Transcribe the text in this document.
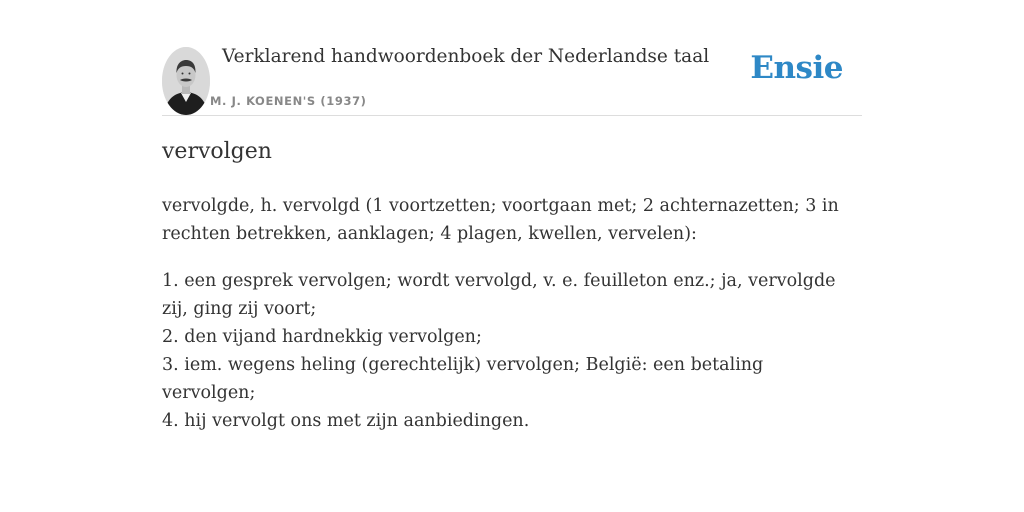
Verklarend handwoordenboek der Nederlandse taal
M. J. KOENEN'S (1937)
Ensie
vervolgen
vervolgde, h. vervolgd (1 voortzetten; voortgaan met; 2 achternazetten; 3 in rechten betrekken, aanklagen; 4 plagen, kwellen, vervelen):
1. een gesprek vervolgen; wordt vervolgd, v. e. feuilleton enz.; ja, vervolgde zij, ging zij voort;
2. den vijand hardnekkig vervolgen;
3. iem. wegens heling (gerechtelijk) vervolgen; België: een betaling vervolgen;
4. hij vervolgt ons met zijn aanbiedingen.
